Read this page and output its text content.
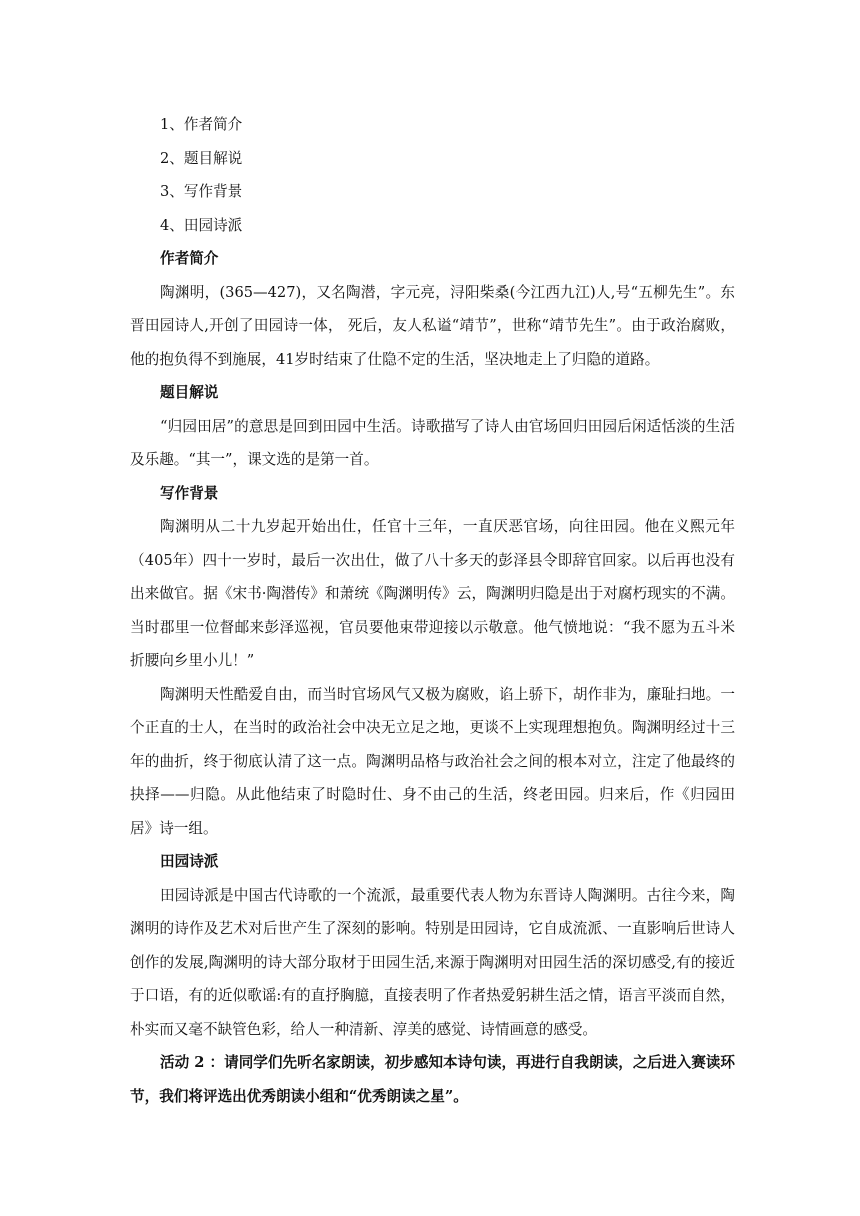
1、作者简介

2、题目解说

3、写作背景

4、田园诗派

作者简介

陶渊明，(365—427)，又名陶潜，字元亮，浔阳柴桑(今江西九江)人,号“五柳先生”。东晋田园诗人,开创了田园诗一体， 死后，友人私谥“靖节”，世称“靖节先生”。由于政治腐败，他的抱负得不到施展，41岁时结束了仕隐不定的生活，坚决地走上了归隐的道路。

题目解说

“归园田居”的意思是回到田园中生活。诗歌描写了诗人由官场回归田园后闲适恬淡的生活及乐趣。“其一”，课文选的是第一首。

写作背景

陶渊明从二十九岁起开始出仕，任官十三年，一直厌恶官场，向往田园。他在义熙元年（405年）四十一岁时，最后一次出仕，做了八十多天的彭泽县令即辞官回家。以后再也没有出来做官。据《宋书·陶潜传》和萧统《陶渊明传》云，陶渊明归隐是出于对腐朽现实的不满。当时郡里一位督邮来彭泽巡视，官员要他束带迎接以示敬意。他气愤地说：“我不愿为五斗米折腰向乡里小儿！”

陶渊明天性酷爱自由，而当时官场风气又极为腐败，谄上骄下，胡作非为，廉耻扫地。一个正直的士人，在当时的政治社会中决无立足之地，更谈不上实现理想抱负。陶渊明经过十三年的曲折，终于彻底认清了这一点。陶渊明品格与政治社会之间的根本对立，注定了他最终的抉择——归隐。从此他结束了时隐时仕、身不由己的生活，终老田园。归来后，作《归园田居》诗一组。

田园诗派

田园诗派是中国古代诗歌的一个流派，最重要代表人物为东晋诗人陶渊明。古往今来，陶渊明的诗作及艺术对后世产生了深刻的影响。特别是田园诗，它自成流派、一直影响后世诗人创作的发展,陶渊明的诗大部分取材于田园生活,来源于陶渊明对田园生活的深切感受,有的接近于口语，有的近似歌谣:有的直抒胸臆，直接表明了作者热爱躬耕生活之情，语言平淡而自然，朴实而又毫不缺管色彩，给人一种清新、淳美的感觉、诗情画意的感受。

活动 2 ：请同学们先听名家朗读，初步感知本诗句读，再进行自我朗读，之后进入赛读环节，我们将评选出优秀朗读小组和“优秀朗读之星”。
